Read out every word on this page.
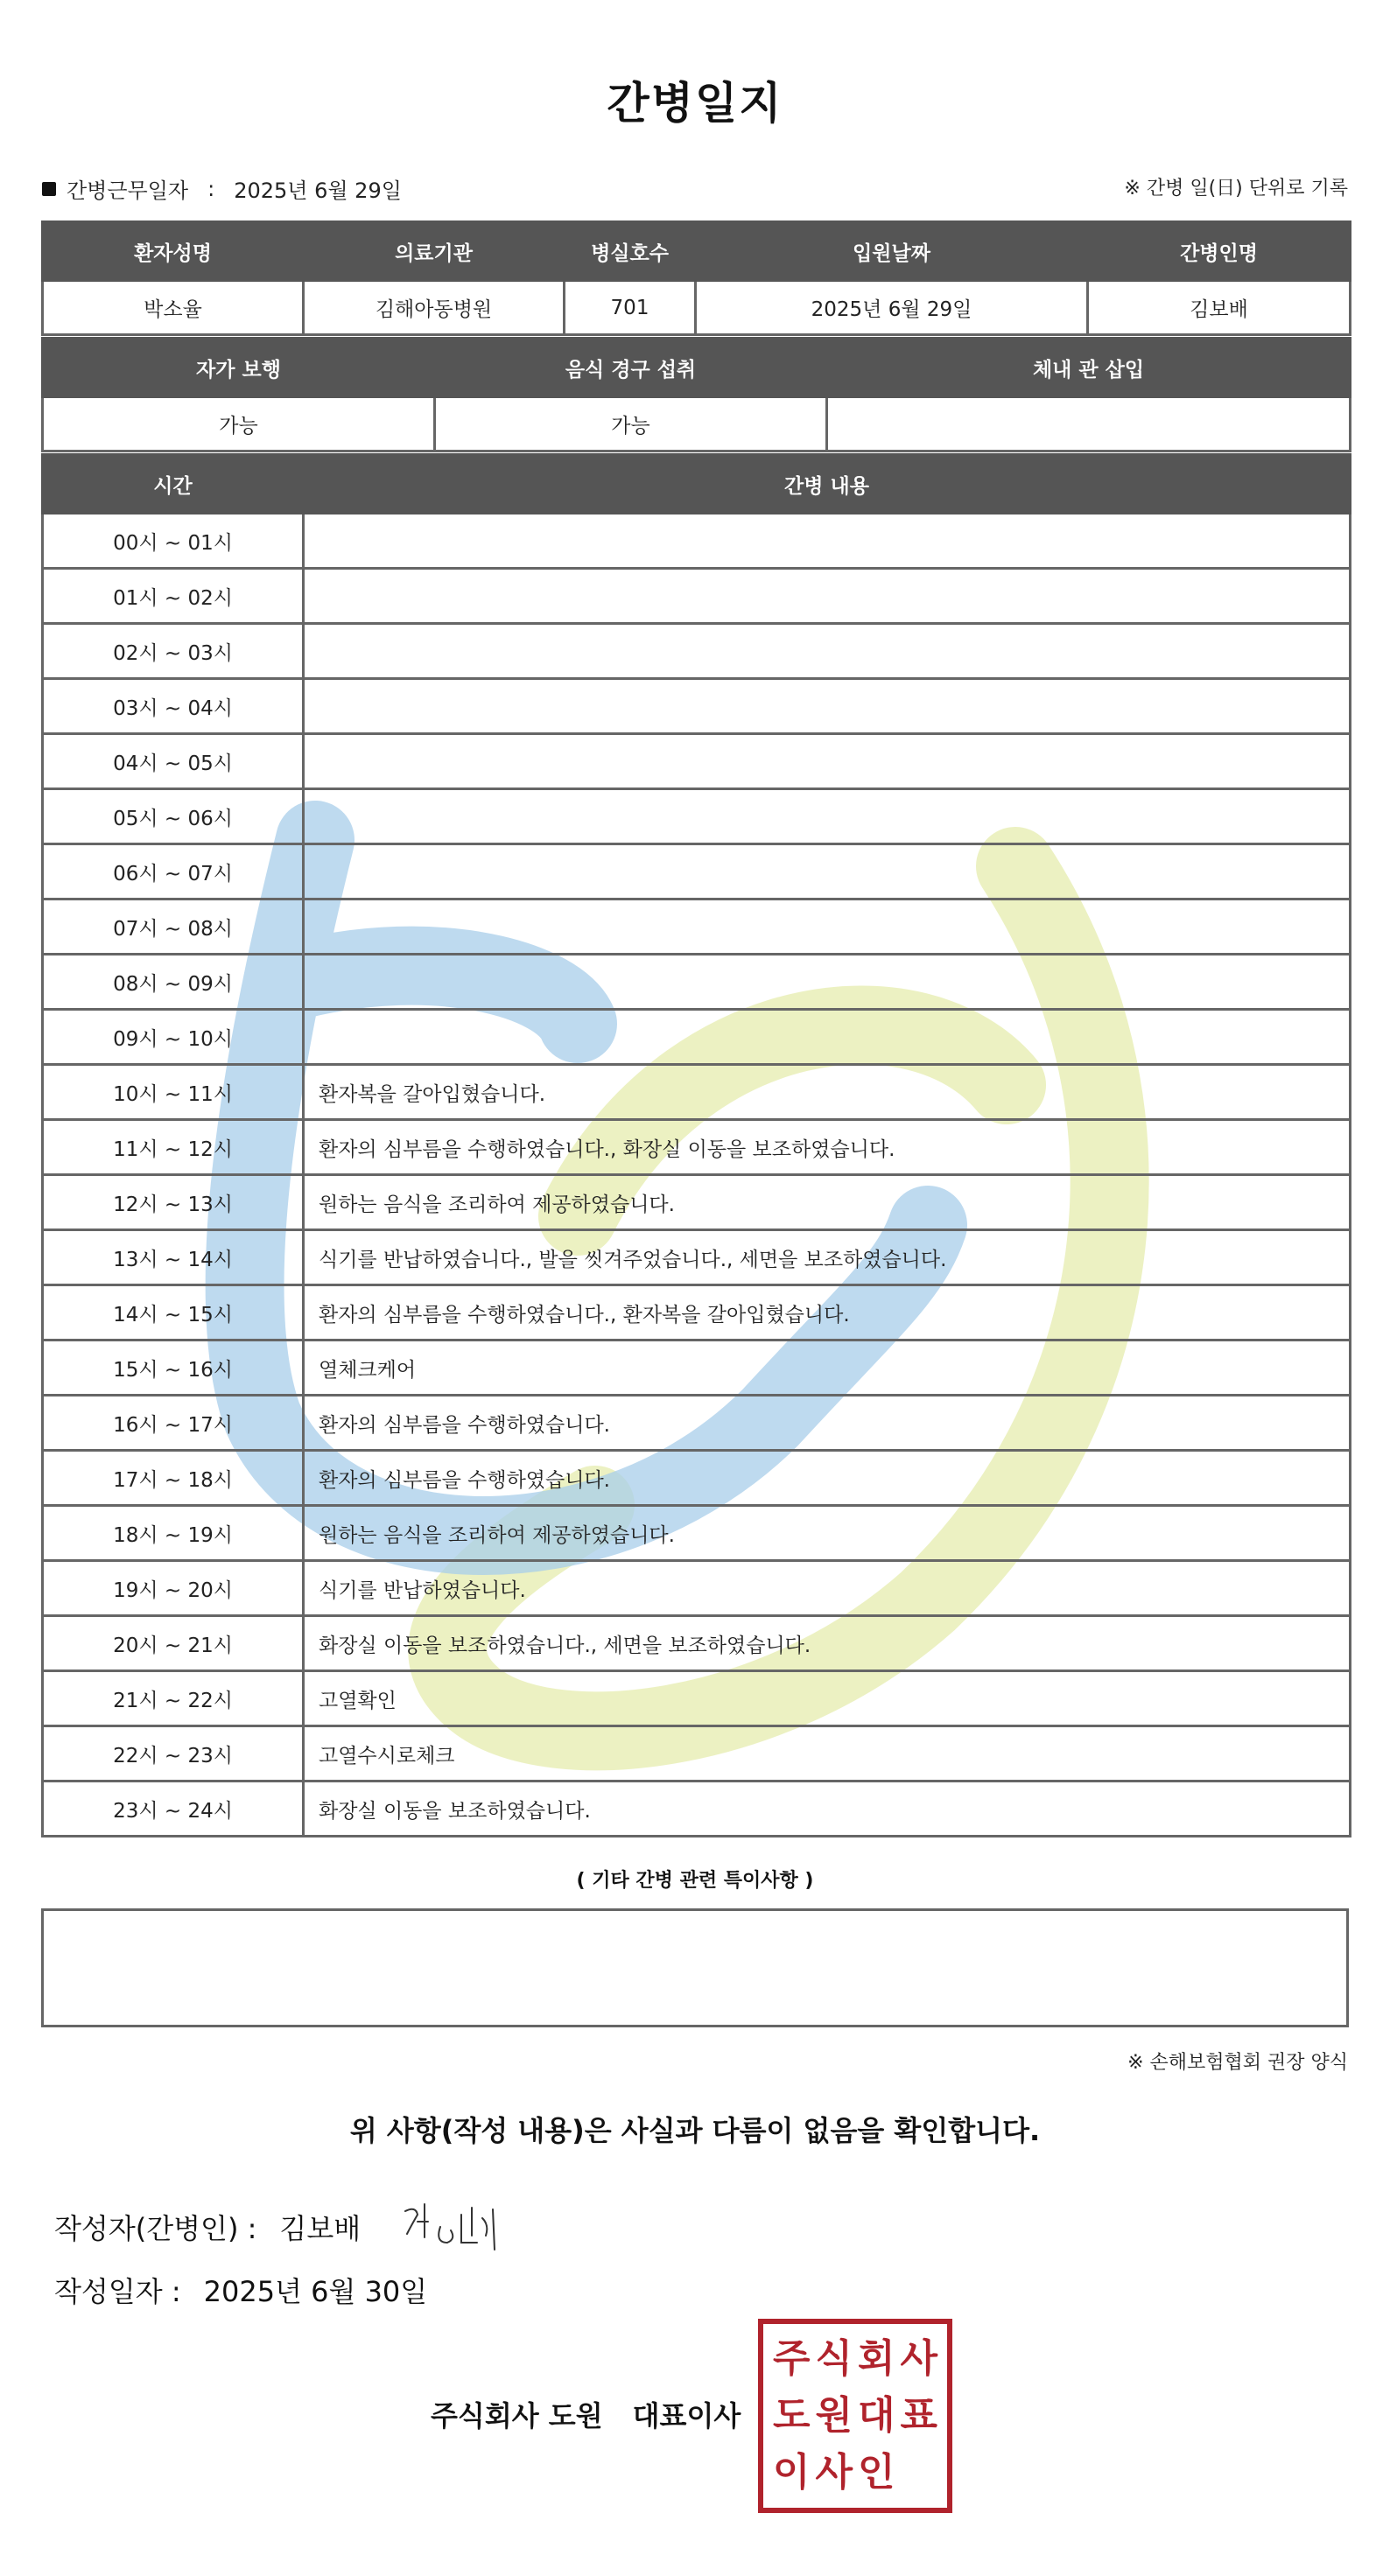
간병일지
간병근무일자 : 2025년 6월 29일	※ 간병 일(日) 단위로 기록
환자성명	의료기관	병실호수	입원날짜	간병인명
박소율	김해아동병원	701	2025년 6월 29일	김보배
자가 보행	음식 경구 섭취	체내 관 삽입
가능	가능	
시간	간병 내용
00시 ~ 01시	
01시 ~ 02시	
02시 ~ 03시	
03시 ~ 04시	
04시 ~ 05시	
05시 ~ 06시	
06시 ~ 07시	
07시 ~ 08시	
08시 ~ 09시	
09시 ~ 10시	
10시 ~ 11시	환자복을 갈아입혔습니다.
11시 ~ 12시	환자의 심부름을 수행하였습니다., 화장실 이동을 보조하였습니다.
12시 ~ 13시	원하는 음식을 조리하여 제공하였습니다.
13시 ~ 14시	식기를 반납하였습니다., 발을 씻겨주었습니다., 세면을 보조하였습니다.
14시 ~ 15시	환자의 심부름을 수행하였습니다., 환자복을 갈아입혔습니다.
15시 ~ 16시	열체크케어
16시 ~ 17시	환자의 심부름을 수행하였습니다.
17시 ~ 18시	환자의 심부름을 수행하였습니다.
18시 ~ 19시	원하는 음식을 조리하여 제공하였습니다.
19시 ~ 20시	식기를 반납하였습니다.
20시 ~ 21시	화장실 이동을 보조하였습니다., 세면을 보조하였습니다.
21시 ~ 22시	고열확인
22시 ~ 23시	고열수시로체크
23시 ~ 24시	화장실 이동을 보조하였습니다.
( 기타 간병 관련 특이사항 )
※ 손해보험협회 권장 양식
위 사항(작성 내용)은 사실과 다름이 없음을 확인합니다.
작성자(간병인) : 김보배
작성일자 : 2025년 6월 30일
주식회사 도원 대표이사
주 식 회 사
도 원 대 표
이 사 인
